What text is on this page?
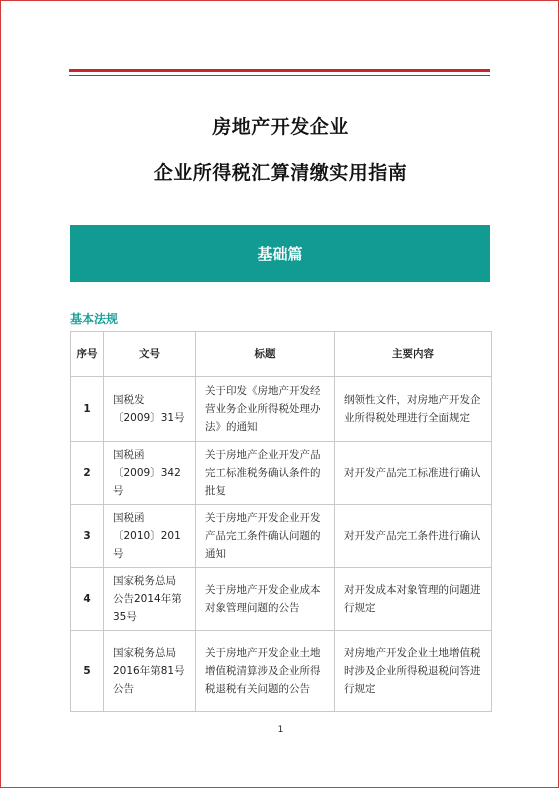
房地产开发企业
企业所得税汇算清缴实用指南
基础篇
基本法规
序号	文号	标题	主要内容
1	国税发〔2009〕31号	关于印发《房地产开发经营业务企业所得税处理办法》的通知	纲领性文件，对房地产开发企业所得税处理进行全面规定
2	国税函〔2009〕342号	关于房地产企业开发产品完工标准税务确认条件的批复	对开发产品完工标准进行确认
3	国税函〔2010〕201号	关于房地产开发企业开发产品完工条件确认问题的通知	对开发产品完工条件进行确认
4	国家税务总局公告2014年第35号	关于房地产开发企业成本对象管理问题的公告	对开发成本对象管理的问题进行规定
5	国家税务总局2016年第81号公告	关于房地产开发企业土地增值税清算涉及企业所得税退税有关问题的公告	对房地产开发企业土地增值税时涉及企业所得税退税问答进行规定
1
